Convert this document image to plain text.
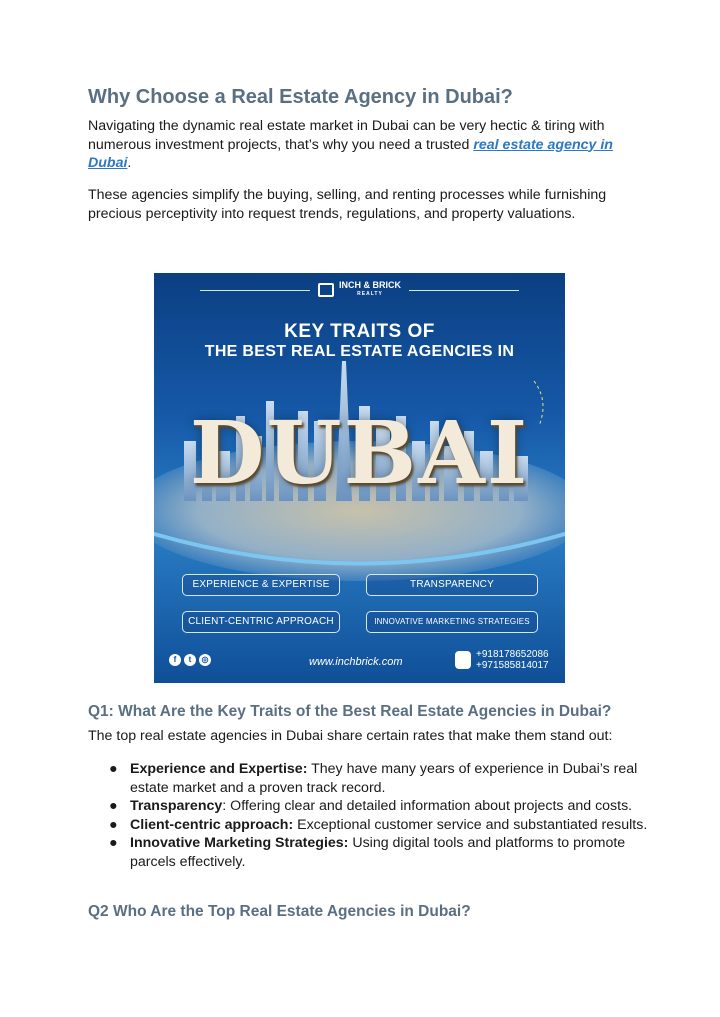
Why Choose a Real Estate Agency in Dubai?

Navigating the dynamic real estate market in Dubai can be very hectic & tiring with numerous investment projects, that’s why you need a trusted real estate agency in Dubai.

These agencies simplify the buying, selling, and renting processes while furnishing precious perceptivity into request trends, regulations, and property valuations.

INCH & BRICK
REALTY
KEY TRAITS OF
THE BEST REAL ESTATE AGENCIES IN
DUBAI
EXPERIENCE & EXPERTISE	TRANSPARENCY
CLIENT-CENTRIC APPROACH	INNOVATIVE MARKETING STRATEGIES
f	t	◎	www.inchbrick.com
+918178652086
+971585814017
Q1: What Are the Key Traits of the Best Real Estate Agencies in Dubai?

The top real estate agencies in Dubai share certain rates that make them stand out:

● Experience and Expertise: They have many years of experience in Dubai’s real estate market and a proven track record.
● Transparency: Offering clear and detailed information about projects and costs.
● Client-centric approach: Exceptional customer service and substantiated results.
● Innovative Marketing Strategies: Using digital tools and platforms to promote parcels effectively.
Q2 Who Are the Top Real Estate Agencies in Dubai?
